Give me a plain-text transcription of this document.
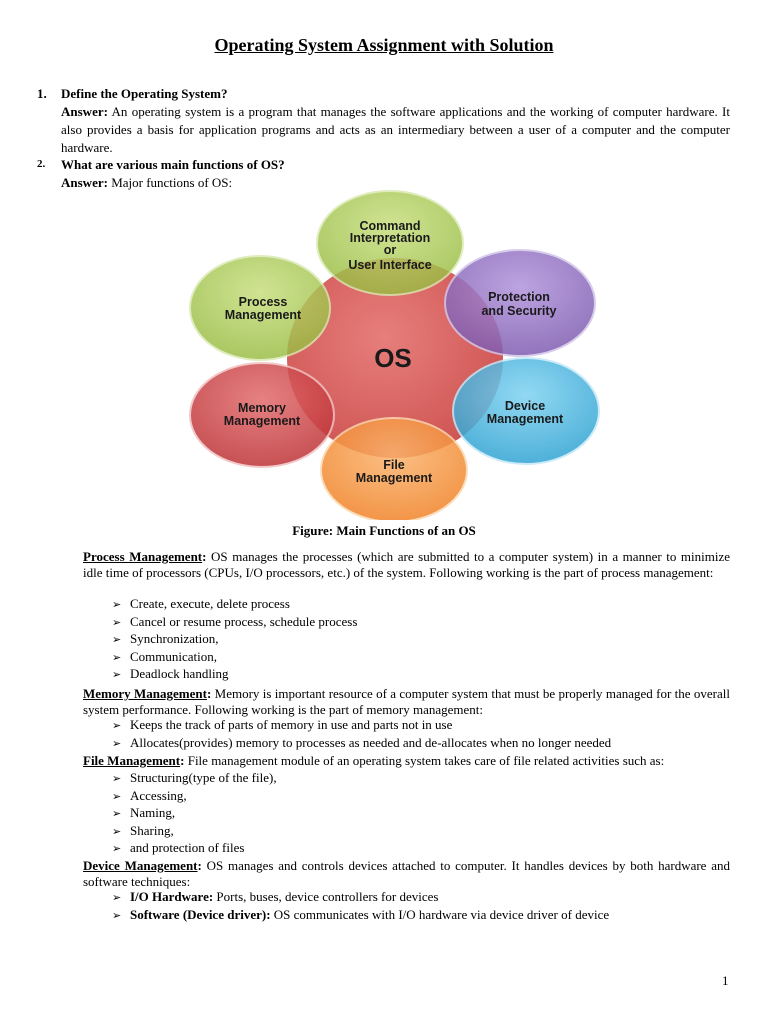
Operating System Assignment with Solution
1. Define the Operating System?
Answer: An operating system is a program that manages the software applications and the working of computer hardware. It also provides a basis for application programs and acts as an intermediary between a user of a computer and the computer hardware.
2. What are various main functions of OS?
Answer: Major functions of OS:
OS
Command
Interpretation
or
User Interface
Protection
and Security
Process
Management
Memory
Management
Device
Management
File
Management
Figure: Main Functions of an OS
Process Management: OS manages the processes (which are submitted to a computer system) in a manner to minimize idle time of processors (CPUs, I/O processors, etc.) of the system. Following working is the part of process management:
➢ Create, execute, delete process
➢ Cancel or resume process, schedule process
➢ Synchronization,
➢ Communication,
➢ Deadlock handling
Memory Management: Memory is important resource of a computer system that must be properly managed for the overall system performance. Following working is the part of memory management:
➢ Keeps the track of parts of memory in use and parts not in use
➢ Allocates(provides) memory to processes as needed and de-allocates when no longer needed
File Management: File management module of an operating system takes care of file related activities such as:
➢ Structuring(type of the file),
➢ Accessing,
➢ Naming,
➢ Sharing,
➢ and protection of files
Device Management: OS manages and controls devices attached to computer. It handles devices by both hardware and software techniques:
➢ I/O Hardware: Ports, buses, device controllers for devices
➢ Software (Device driver): OS communicates with I/O hardware via device driver of device
1
